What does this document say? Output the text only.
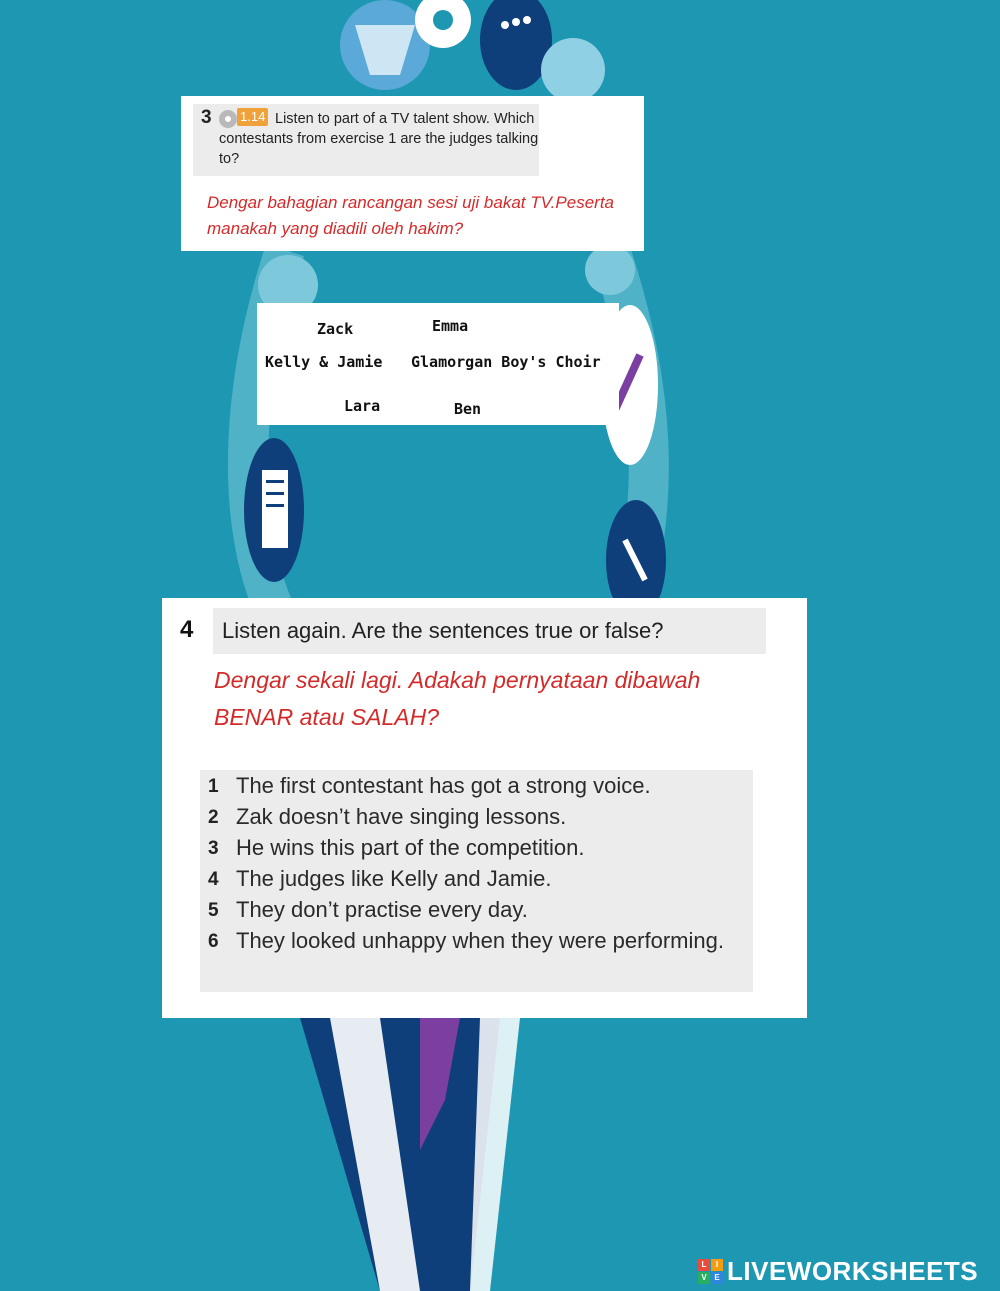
3 1.14 Listen to part of a TV talent show. Which contestants from exercise 1 are the judges talking to?
Dengar bahagian rancangan sesi uji bakat TV.Peserta manakah yang diadili oleh hakim?
Zack	Emma
Kelly & Jamie Glamorgan Boy's Choir
Lara	Ben
4 Listen again. Are the sentences true or false?
Dengar sekali lagi. Adakah pernyataan dibawah BENAR atau SALAH?
1 The first contestant has got a strong voice.
2 Zak doesn’t have singing lessons.
3 He wins this part of the competition.
4 The judges like Kelly and Jamie.
5 They don’t practise every day.
6 They looked unhappy when they were performing.
L	I
V E LIVEWORKSHEETS
